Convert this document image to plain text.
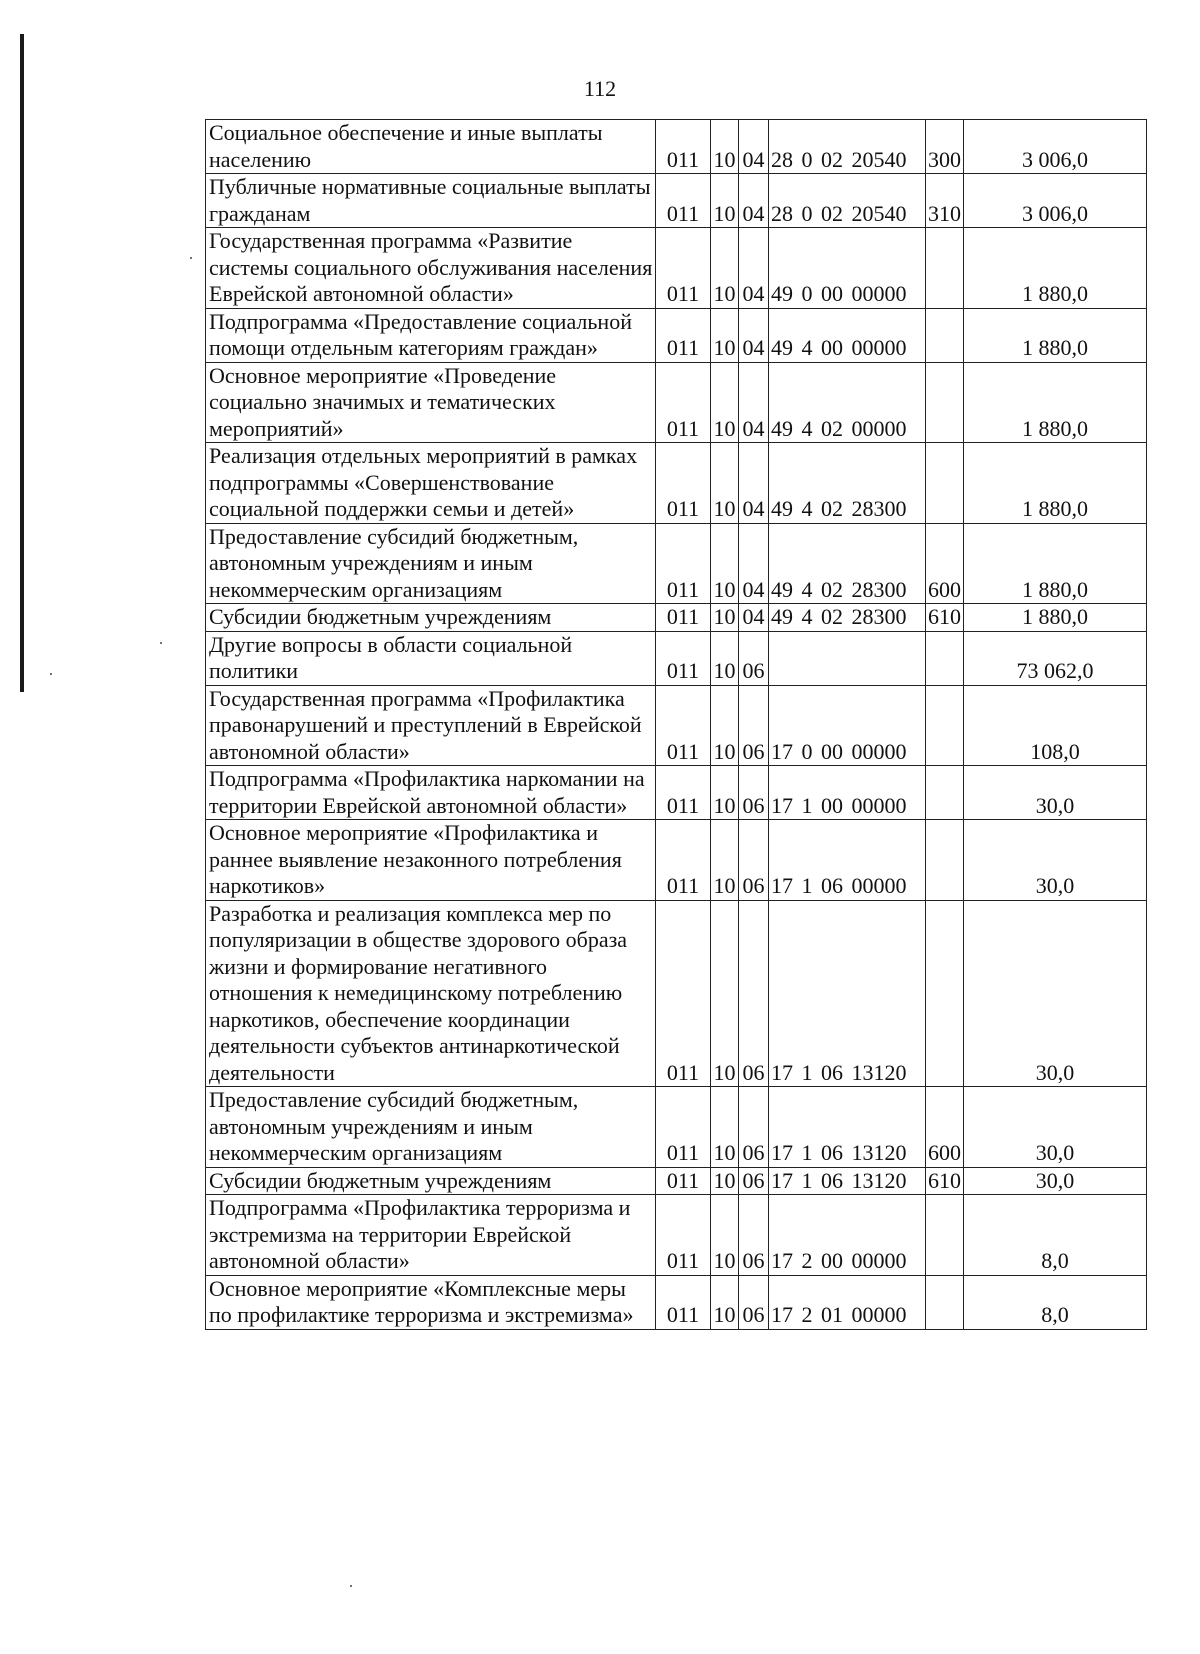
112
Социальное обеспечение и иные выплаты населению	011	10	04	28 0 02 20540	300	3 006,0
Публичные нормативные социальные выплаты гражданам	011	10	04	28 0 02 20540	310	3 006,0
Государственная программа «Развитие системы социального обслуживания населения Еврейской автономной области»	011	10	04	49 0 00 00000		1 880,0
Подпрограмма «Предоставление социальной помощи отдельным категориям граждан»	011	10	04	49 4 00 00000		1 880,0
Основное мероприятие «Проведение социально значимых и тематических мероприятий»	011	10	04	49 4 02 00000		1 880,0
Реализация отдельных мероприятий в рамках подпрограммы «Совершенствование социальной поддержки семьи и детей»	011	10	04	49 4 02 28300		1 880,0
Предоставление субсидий бюджетным, автономным учреждениям и иным некоммерческим организациям	011	10	04	49 4 02 28300	600	1 880,0
Субсидии бюджетным учреждениям	011	10	04	49 4 02 28300	610	1 880,0
Другие вопросы в области социальной политики	011	10	06			73 062,0
Государственная программа «Профилактика правонарушений и преступлений в Еврейской автономной области»	011	10	06	17 0 00 00000		108,0
Подпрограмма «Профилактика наркомании на территории Еврейской автономной области»	011	10	06	17 1 00 00000		30,0
Основное мероприятие «Профилактика и раннее выявление незаконного потребления наркотиков»	011	10	06	17 1 06 00000		30,0
Разработка и реализация комплекса мер по популяризации в обществе здорового образа жизни и формирование негативного отношения к немедицинскому потреблению наркотиков, обеспечение координации деятельности субъектов антинаркотической деятельности	011	10	06	17 1 06 13120		30,0
Предоставление субсидий бюджетным, автономным учреждениям и иным некоммерческим организациям	011	10	06	17 1 06 13120	600	30,0
Субсидии бюджетным учреждениям	011	10	06	17 1 06 13120	610	30,0
Подпрограмма «Профилактика терроризма и экстремизма на территории Еврейской автономной области»	011	10	06	17 2 00 00000		8,0
Основное мероприятие «Комплексные меры по профилактике терроризма и экстремизма»	011	10	06	17 2 01 00000		8,0
